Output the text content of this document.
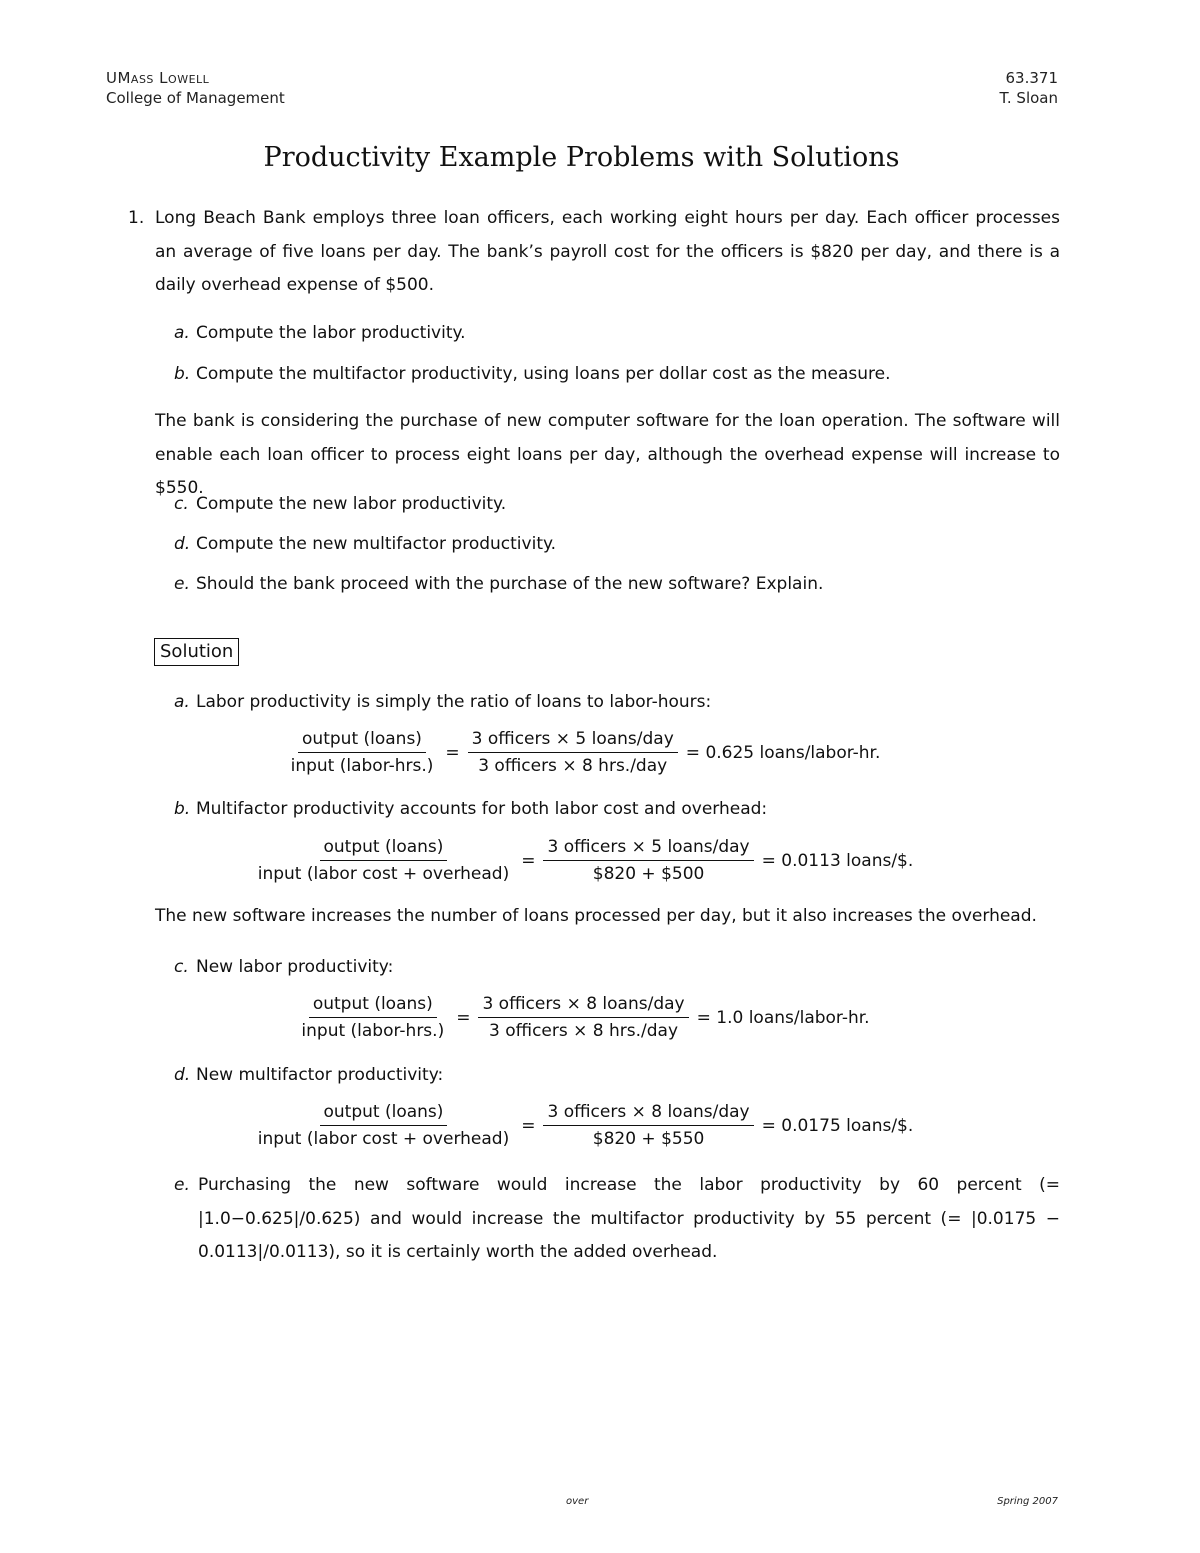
UMass Lowell
College of Management
63.371
T. Sloan
Productivity Example Problems with Solutions
1. Long Beach Bank employs three loan officers, each working eight hours per day. Each officer processes an average of five loans per day. The bank’s payroll cost for the officers is $820 per day, and there is a daily overhead expense of $500.
a. Compute the labor productivity.
b. Compute the multifactor productivity, using loans per dollar cost as the measure.
The bank is considering the purchase of new computer software for the loan operation. The software will enable each loan officer to process eight loans per day, although the overhead expense will increase to $550.
c. Compute the new labor productivity.
d. Compute the new multifactor productivity.
e. Should the bank proceed with the purchase of the new software? Explain.
Solution
a. Labor productivity is simply the ratio of loans to labor-hours:
$\frac{\text{output (loans)}}{\text{input (labor-hrs.)}} = \frac{\text{3 officers × 5 loans/day}}{\text{3 officers × 8 hrs./day}} = 0.625$ loans/labor-hr.
b. Multifactor productivity accounts for both labor cost and overhead:
$\frac{\text{output (loans)}}{\text{input (labor cost + overhead)}} = \frac{\text{3 officers × 5 loans/day}}{\$820 + \$500} = 0.0113$ loans/$.
The new software increases the number of loans processed per day, but it also increases the overhead.
c. New labor productivity:
$\frac{\text{output (loans)}}{\text{input (labor-hrs.)}} = \frac{\text{3 officers × 8 loans/day}}{\text{3 officers × 8 hrs./day}} = 1.0$ loans/labor-hr.
d. New multifactor productivity:
$\frac{\text{output (loans)}}{\text{input (labor cost + overhead)}} = \frac{\text{3 officers × 8 loans/day}}{\$820 + \$550} = 0.0175$ loans/$.
e. Purchasing the new software would increase the labor productivity by 60 percent (= |1.0−0.625|/0.625) and would increase the multifactor productivity by 55 percent (= |0.0175 − 0.0113|/0.0113), so it is certainly worth the added overhead.
over	Spring 2007
